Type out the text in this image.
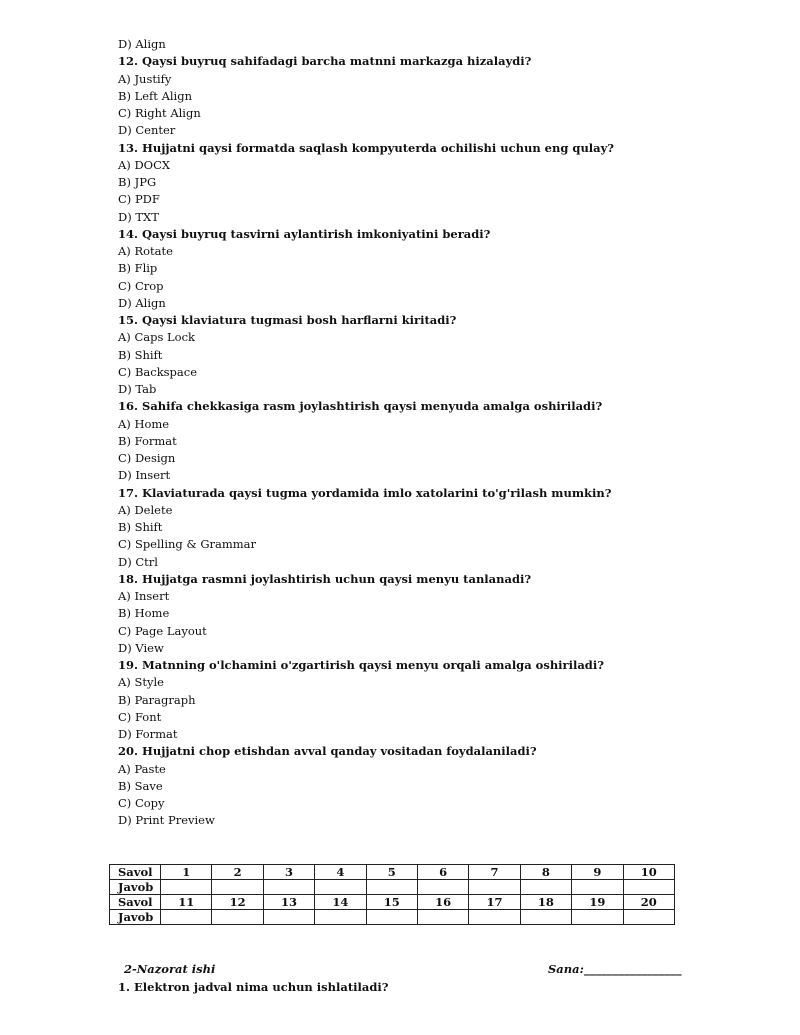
D) Align
12. Qaysi buyruq sahifadagi barcha matnni markazga hizalaydi?
A) Justify
B) Left Align
C) Right Align
D) Center
13. Hujjatni qaysi formatda saqlash kompyuterda ochilishi uchun eng qulay?
A) DOCX
B) JPG
C) PDF
D) TXT
14. Qaysi buyruq tasvirni aylantirish imkoniyatini beradi?
A) Rotate
B) Flip
C) Crop
D) Align
15. Qaysi klaviatura tugmasi bosh harflarni kiritadi?
A) Caps Lock
B) Shift
C) Backspace
D) Tab
16. Sahifa chekkasiga rasm joylashtirish qaysi menyuda amalga oshiriladi?
A) Home
B) Format
C) Design
D) Insert
17. Klaviaturada qaysi tugma yordamida imlo xatolarini to'g'rilash mumkin?
A) Delete
B) Shift
C) Spelling & Grammar
D) Ctrl
18. Hujjatga rasmni joylashtirish uchun qaysi menyu tanlanadi?
A) Insert
B) Home
C) Page Layout
D) View
19. Matnning o'lchamini o'zgartirish qaysi menyu orqali amalga oshiriladi?
A) Style
B) Paragraph
C) Font
D) Format
20. Hujjatni chop etishdan avval qanday vositadan foydalaniladi?
A) Paste
B) Save
C) Copy
D) Print Preview
Savol	1	2	3	4	5	6	7	8	9	10
Javob										
Savol	11	12	13	14	15	16	17	18	19	20
Javob										
2-Nazorat ishi	Sana:_________________
1. Elektron jadval nima uchun ishlatiladi?
